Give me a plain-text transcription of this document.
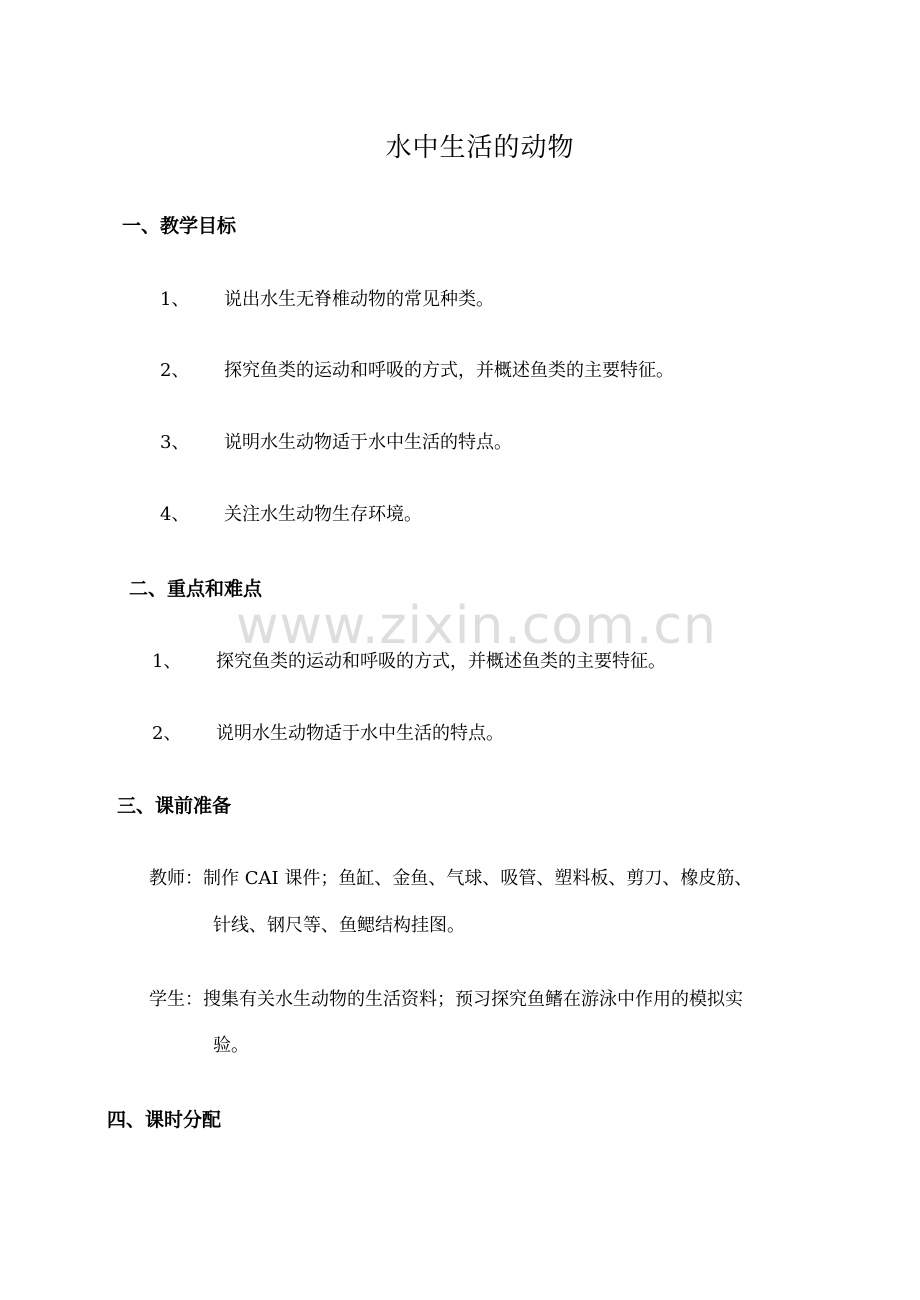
水中生活的动物
一、教学目标
1、 说出水生无脊椎动物的常见种类。
2、 探究鱼类的运动和呼吸的方式，并概述鱼类的主要特征。
3、 说明水生动物适于水中生活的特点。
4、 关注水生动物生存环境。
二、重点和难点
www.zixin.com.cn
1、 探究鱼类的运动和呼吸的方式，并概述鱼类的主要特征。
2、 说明水生动物适于水中生活的特点。
三、课前准备
教师：制作 CAI 课件；鱼缸、金鱼、气球、吸管、塑料板、剪刀、橡皮筋、
针线、钢尺等、鱼鳃结构挂图。
学生：搜集有关水生动物的生活资料；预习探究鱼鳍在游泳中作用的模拟实
验。
四、课时分配
